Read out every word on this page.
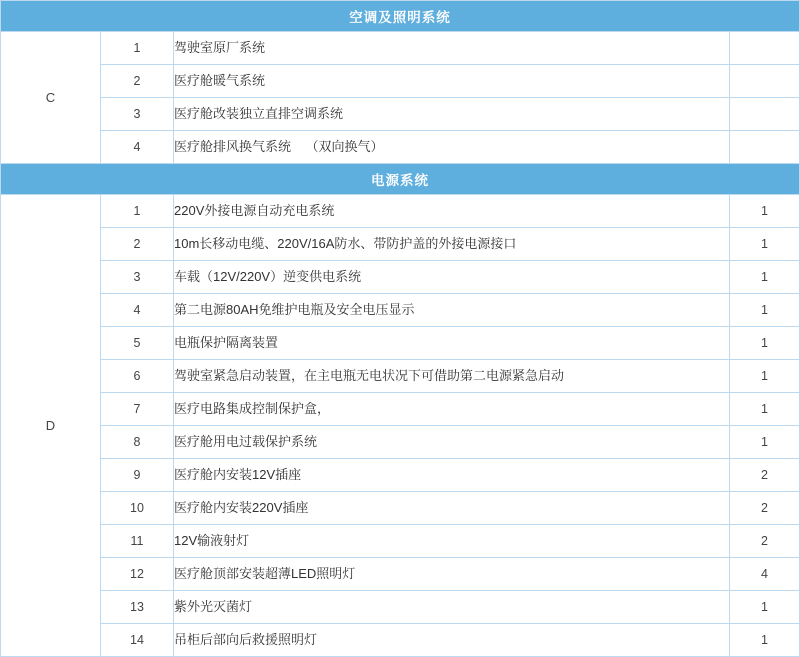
空调及照明系统			
C	1	驾驶室原厂系统	
	2	医疗舱暖气系统	
	3	医疗舱改装独立直排空调系统	
	4	医疗舱排风换气系统    （双向换气）	
电源系统			
D	1	220V外接电源自动充电系统	1
	2	10m长移动电缆、220V/16A防水、带防护盖的外接电源接口	1
	3	车载（12V/220V）逆变供电系统	1
	4	第二电源80AH免维护电瓶及安全电压显示	1
	5	电瓶保护隔离装置	1
	6	驾驶室紧急启动装置，在主电瓶无电状况下可借助第二电源紧急启动	1
	7	医疗电路集成控制保护盒，	1
	8	医疗舱用电过载保护系统	1
	9	医疗舱内安装12V插座	2
	10	医疗舱内安装220V插座	2
	11	12V输液射灯	2
	12	医疗舱顶部安装超薄LED照明灯	4
	13	紫外光灭菌灯	1
	14	吊柜后部向后救援照明灯	1
